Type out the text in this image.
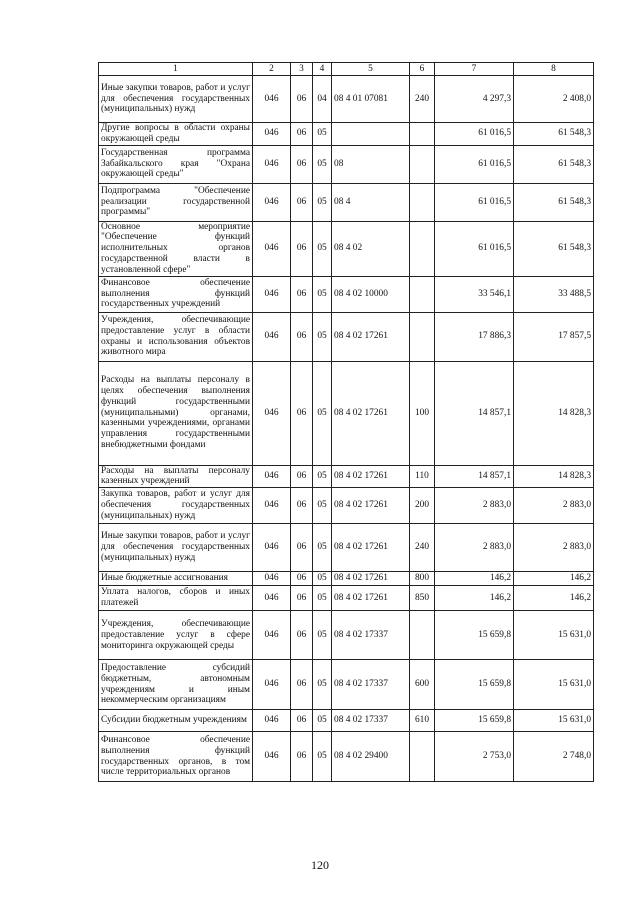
1	2	3	4	5	6	7	8
Иные закупки товаров, работ и услуг для обеспечения государственных (муниципальных) нужд	046	06	04	08 4 01 07081	240	4 297,3	2 408,0
Другие вопросы в области охраны окружающей среды	046	06	05			61 016,5	61 548,3
Государственная программа Забайкальского края "Охрана окружающей среды"	046	06	05	08		61 016,5	61 548,3
Подпрограмма "Обеспечение реализации государственной программы"	046	06	05	08 4		61 016,5	61 548,3
Основное мероприятие "Обеспечение функций исполнительных органов государственной власти в установленной сфере"	046	06	05	08 4 02		61 016,5	61 548,3
Финансовое обеспечение выполнения функций государственных учреждений	046	06	05	08 4 02 10000		33 546,1	33 488,5
Учреждения, обеспечивающие предоставление услуг в области охраны и использования объектов животного мира	046	06	05	08 4 02 17261		17 886,3	17 857,5
Расходы на выплаты персоналу в целях обеспечения выполнения функций государственными (муниципальными) органами, казенными учреждениями, органами управления государственными внебюджетными фондами	046	06	05	08 4 02 17261	100	14 857,1	14 828,3
Расходы на выплаты персоналу казенных учреждений	046	06	05	08 4 02 17261	110	14 857,1	14 828,3
Закупка товаров, работ и услуг для обеспечения государственных (муниципальных) нужд	046	06	05	08 4 02 17261	200	2 883,0	2 883,0
Иные закупки товаров, работ и услуг для обеспечения государственных (муниципальных) нужд	046	06	05	08 4 02 17261	240	2 883,0	2 883,0
Иные бюджетные ассигнования	046	06	05	08 4 02 17261	800	146,2	146,2
Уплата налогов, сборов и иных платежей	046	06	05	08 4 02 17261	850	146,2	146,2
Учреждения, обеспечивающие предоставление услуг в сфере мониторинга окружающей среды	046	06	05	08 4 02 17337		15 659,8	15 631,0
Предоставление субсидий бюджетным, автономным учреждениям и иным некоммерческим организациям	046	06	05	08 4 02 17337	600	15 659,8	15 631,0
Субсидии бюджетным учреждениям	046	06	05	08 4 02 17337	610	15 659,8	15 631,0
Финансовое обеспечение выполнения функций государственных органов, в том числе территориальных органов	046	06	05	08 4 02 29400		2 753,0	2 748,0
120
